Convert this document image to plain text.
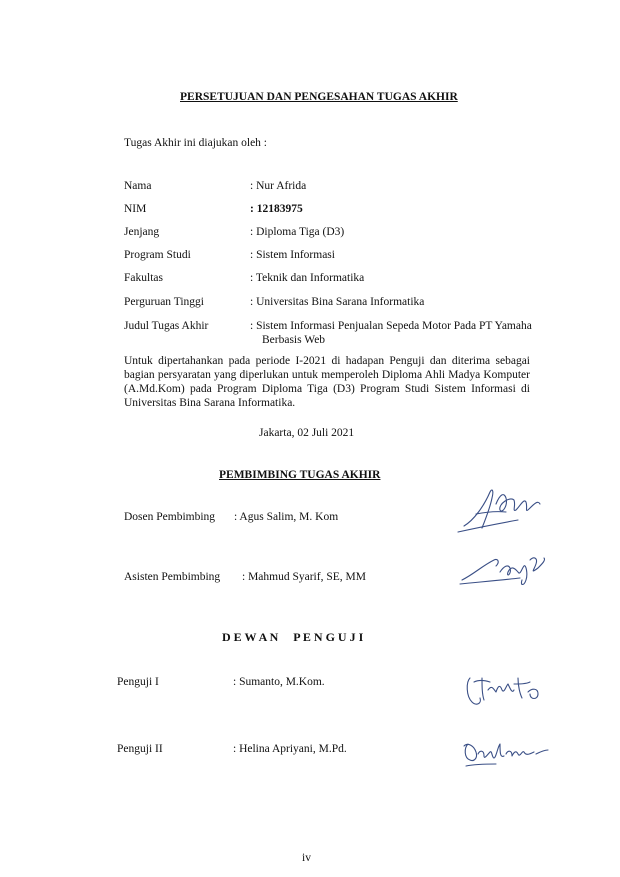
PERSETUJUAN DAN PENGESAHAN TUGAS AKHIR
Tugas Akhir ini diajukan oleh :
Nama	: Nur Afrida
NIM	: 12183975
Jenjang	: Diploma Tiga (D3)
Program Studi	: Sistem Informasi
Fakultas	: Teknik dan Informatika
Perguruan Tinggi	: Universitas Bina Sarana Informatika
Judul Tugas Akhir	: Sistem Informasi Penjualan Sepeda Motor Pada PT Yamaha
Berbasis Web
Untuk dipertahankan pada periode I-2021 di hadapan Penguji dan diterima sebagai bagian persyaratan yang diperlukan untuk memperoleh Diploma Ahli Madya Komputer (A.Md.Kom) pada Program Diploma Tiga (D3) Program Studi Sistem Informasi di Universitas Bina Sarana Informatika.
Jakarta, 02 Juli 2021
PEMBIMBING TUGAS AKHIR
Dosen Pembimbing : Agus Salim, M. Kom
Asisten Pembimbing : Mahmud Syarif, SE, MM
D E W A N     P E N G U J I
Penguji I	: Sumanto, M.Kom.
Penguji II	: Helina Apriyani, M.Pd.
iv
